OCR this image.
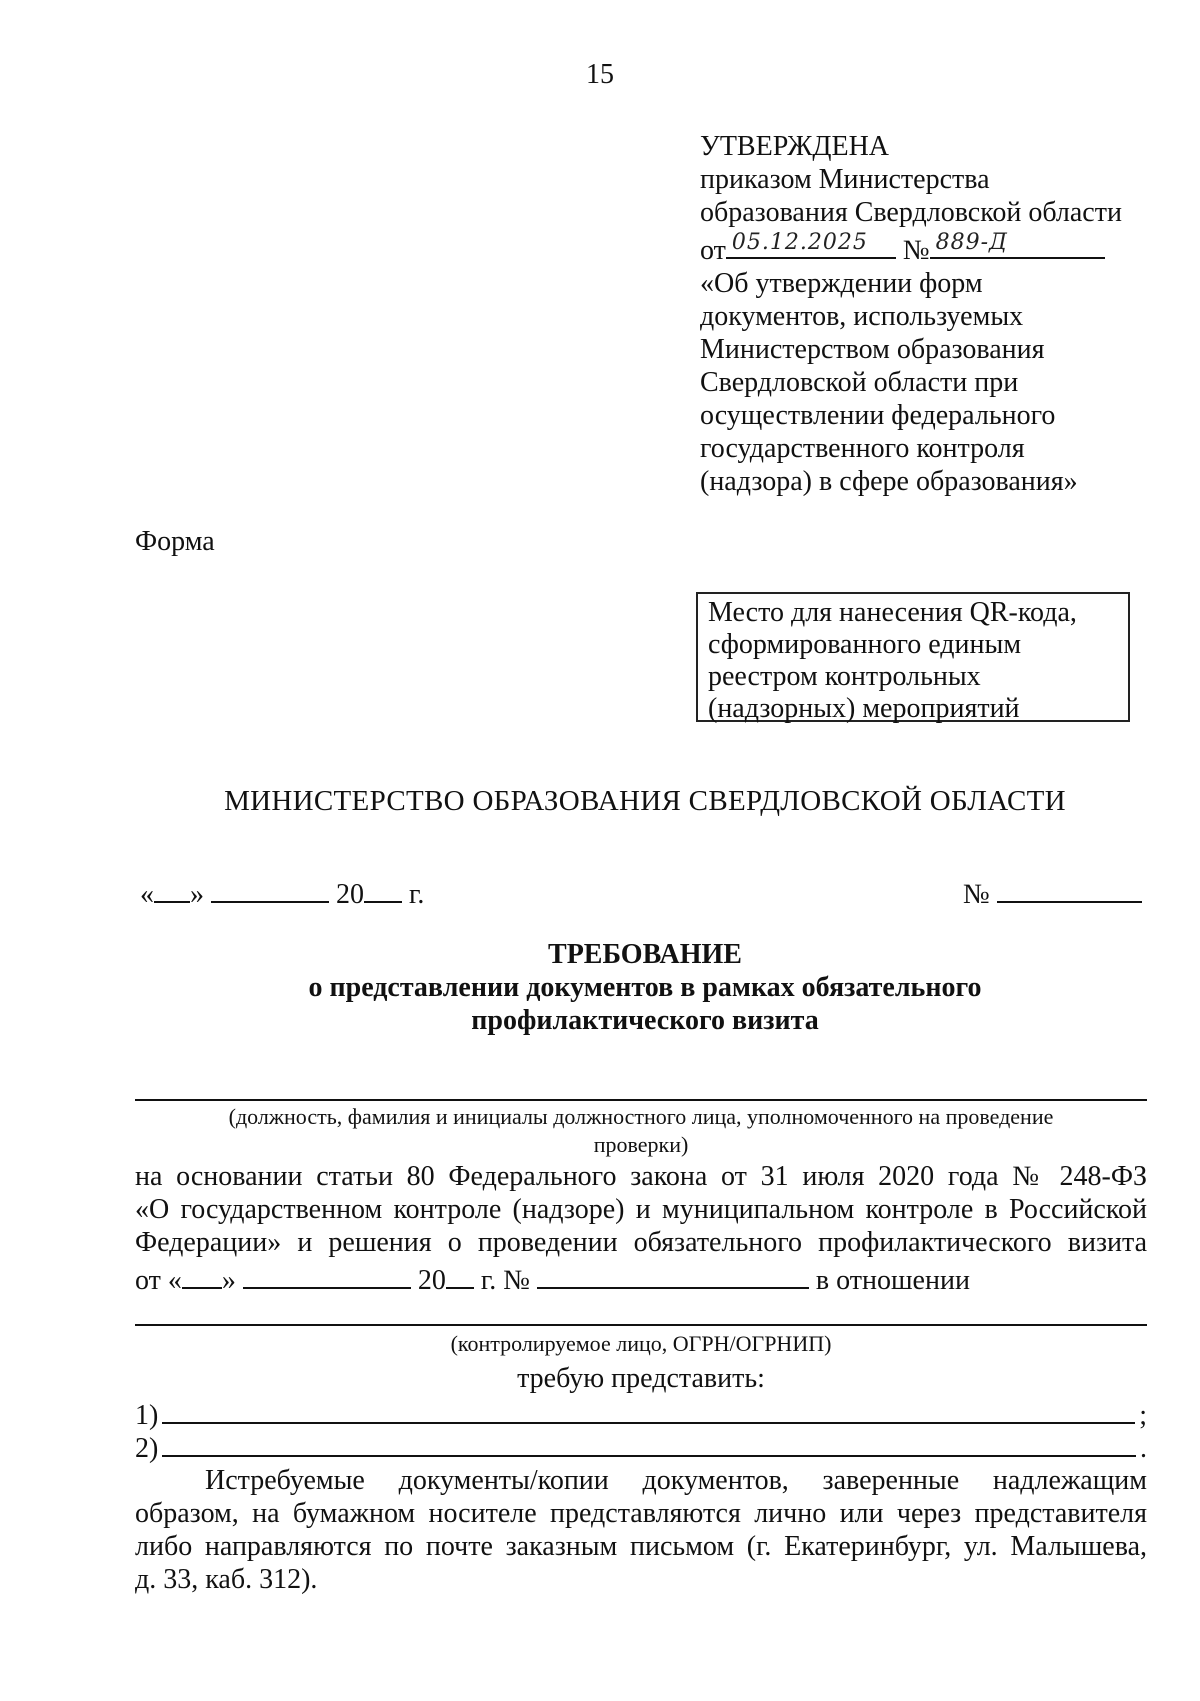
15
УТВЕРЖДЕНА
приказом Министерства
образования Свердловской области
от 05.12.2025 № 889-Д
«Об утверждении форм
документов, используемых
Министерством образования
Свердловской области при
осуществлении федерального
государственного контроля
(надзора) в сфере образования»
Форма
Место для нанесения QR-кода,
сформированного единым
реестром контрольных
(надзорных) мероприятий
МИНИСТЕРСТВО ОБРАЗОВАНИЯ СВЕРДЛОВСКОЙ ОБЛАСТИ
« »	20 г.	№
ТРЕБОВАНИЕ
о представлении документов в рамках обязательного
профилактического визита
(должность, фамилия и инициалы должностного лица, уполномоченного на проведение
проверки)
на основании статьи 80 Федерального закона от 31 июля 2020 года № 248-ФЗ
«О государственном контроле (надзоре) и муниципальном контроле в Российской
Федерации» и решения о проведении обязательного профилактического визита
от « »	20 г. №	в отношении
(контролируемое лицо, ОГРН/ОГРНИП)
требую представить:
1)	;
2)	.
Истребуемые документы/копии документов, заверенные надлежащим
образом, на бумажном носителе представляются лично или через представителя
либо направляются по почте заказным письмом (г. Екатеринбург, ул. Малышева,
д. 33, каб. 312).
